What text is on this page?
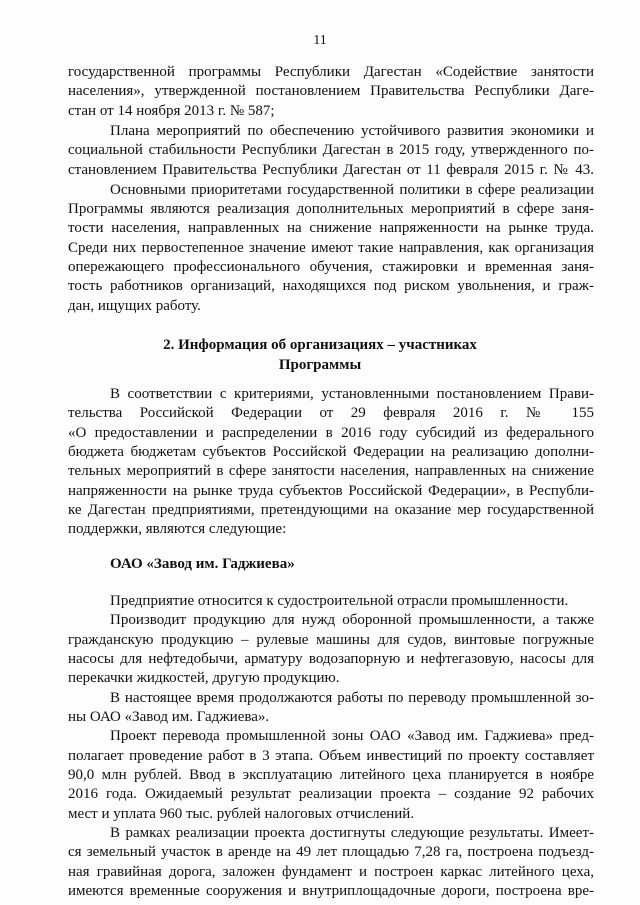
11
государственной программы Республики Дагестан «Содействие занятости
населения», утвержденной постановлением Правительства Республики Даге-
стан от 14 ноября 2013 г. № 587;
Плана мероприятий по обеспечению устойчивого развития экономики и
социальной стабильности Республики Дагестан в 2015 году, утвержденного по-
становлением Правительства Республики Дагестан от 11 февраля 2015 г. № 43.
Основными приоритетами государственной политики в сфере реализации
Программы являются реализация дополнительных мероприятий в сфере заня-
тости населения, направленных на снижение напряженности на рынке труда.
Среди них первостепенное значение имеют такие направления, как организация
опережающего профессионального обучения, стажировки и временная заня-
тость работников организаций, находящихся под риском увольнения, и граж-
дан, ищущих работу.
2. Информация об организациях – участниках
Программы
В соответствии с критериями, установленными постановлением Прави-
тельства Российской Федерации от 29 февраля 2016 г. № 155
«О предоставлении и распределении в 2016 году субсидий из федерального
бюджета бюджетам субъектов Российской Федерации на реализацию дополни-
тельных мероприятий в сфере занятости населения, направленных на снижение
напряженности на рынке труда субъектов Российской Федерации», в Республи-
ке Дагестан предприятиями, претендующими на оказание мер государственной
поддержки, являются следующие:
ОАО «Завод им. Гаджиева»
Предприятие относится к судостроительной отрасли промышленности.
Производит продукцию для нужд оборонной промышленности, а также
гражданскую продукцию – рулевые машины для судов, винтовые погружные
насосы для нефтедобычи, арматуру водозапорную и нефтегазовую, насосы для
перекачки жидкостей, другую продукцию.
В настоящее время продолжаются работы по переводу промышленной зо-
ны ОАО «Завод им. Гаджиева».
Проект перевода промышленной зоны ОАО «Завод им. Гаджиева» пред-
полагает проведение работ в 3 этапа. Объем инвестиций по проекту составляет
90,0 млн рублей. Ввод в эксплуатацию литейного цеха планируется в ноябре
2016 года. Ожидаемый результат реализации проекта – создание 92 рабочих
мест и уплата 960 тыс. рублей налоговых отчислений.
В рамках реализации проекта достигнуты следующие результаты. Имеет-
ся земельный участок в аренде на 49 лет площадью 7,28 га, построена подъезд-
ная гравийная дорога, заложен фундамент и построен каркас литейного цеха,
имеются временные сооружения и внутриплощадочные дороги, построена вре-
